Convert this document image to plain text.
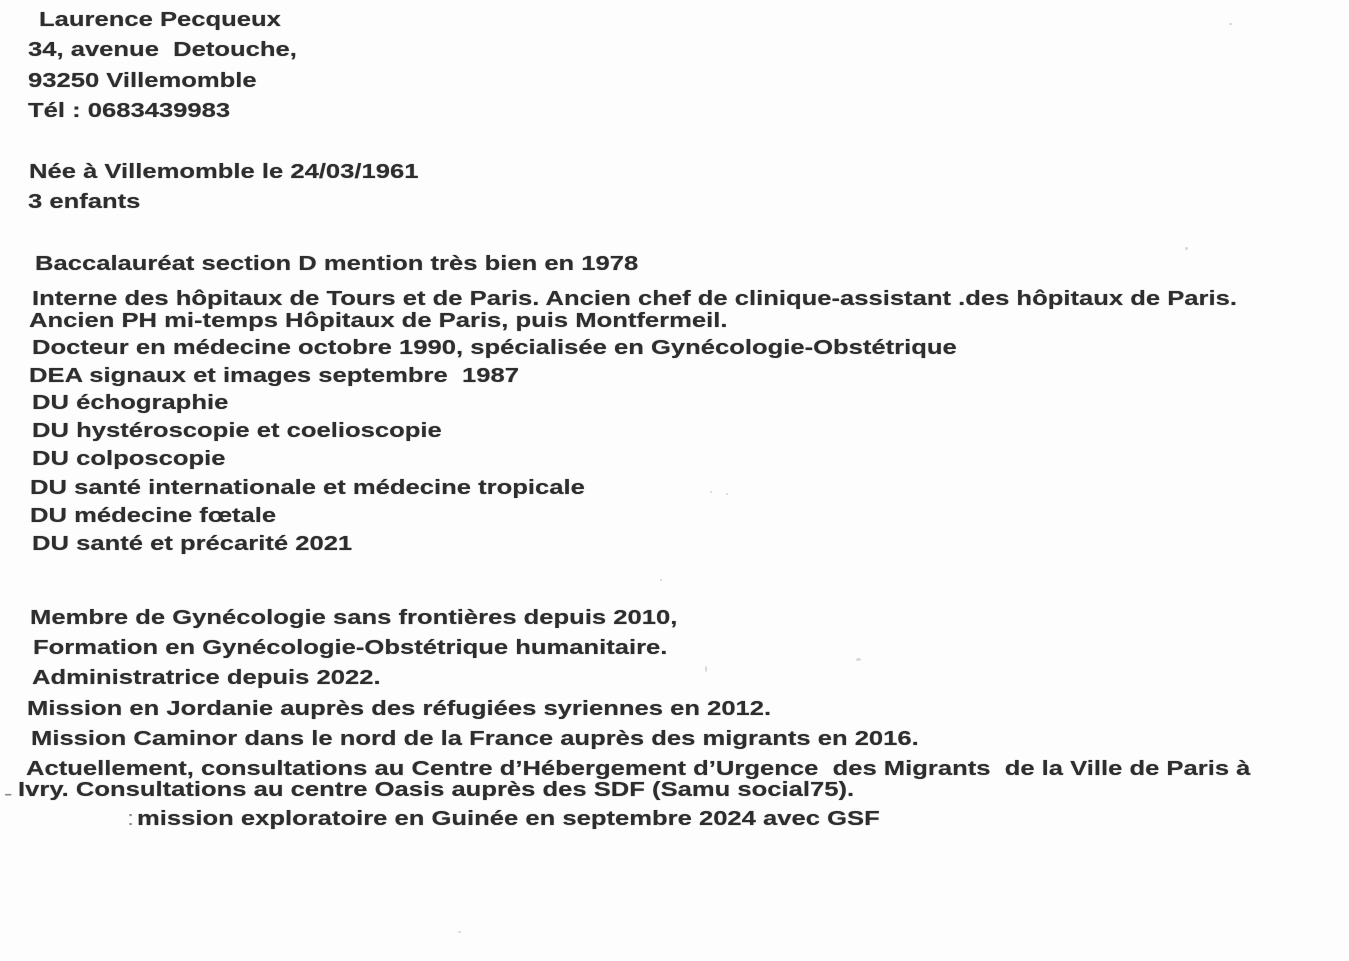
Laurence Pecqueux
34, avenue  Detouche,
93250 Villemomble
Tél : 0683439983
Née à Villemomble le 24/03/1961
3 enfants
Baccalauréat section D mention très bien en 1978
Interne des hôpitaux de Tours et de Paris. Ancien chef de clinique-assistant .des hôpitaux de Paris.
Ancien PH mi-temps Hôpitaux de Paris, puis Montfermeil.
Docteur en médecine octobre 1990, spécialisée en Gynécologie-Obstétrique
DEA signaux et images septembre  1987
DU échographie
DU hystéroscopie et coelioscopie
DU colposcopie
DU santé internationale et médecine tropicale
DU médecine fœtale
DU santé et précarité 2021
Membre de Gynécologie sans frontières depuis 2010,
Formation en Gynécologie-Obstétrique humanitaire.
Administratrice depuis 2022.
Mission en Jordanie auprès des réfugiées syriennes en 2012.
Mission Caminor dans le nord de la France auprès des migrants en 2016.
Actuellement, consultations au Centre d’Hébergement d’Urgence  des Migrants  de la Ville de Paris à
Ivry. Consultations au centre Oasis auprès des SDF (Samu social75).
-
: mission exploratoire en Guinée en septembre 2024 avec GSF
